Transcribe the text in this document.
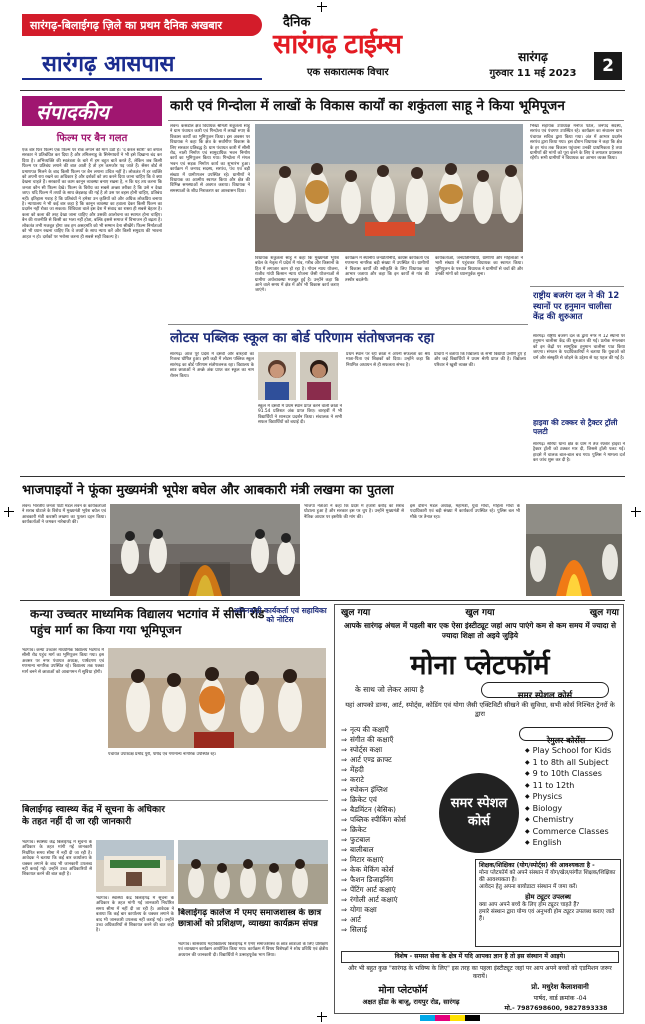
सारंगढ़-बिलाईगढ़ ज़िले का प्रथम दैनिक अखबार
सारंगढ़ आसपास
दैनिक
सारंगढ़ टाईम्स
एक सकारात्मक विचार
सारंगढ़
गुरुवार 11 मई 2023	2
संपादकीय
फिल्म पर बैन गलत
एक बार फिर फिल्में एक फिल्म पर रोक लगाने की मांग उठी है। 'द केरल स्टोरी' को बंगाल सरकार ने प्रतिबंधित कर दिया है और तमिलनाडु के सिनेमाघरों ने भी इसे दिखाना बंद कर दिया है। अभिव्यक्ति की स्वतंत्रता के बारे में हम बहुत बातें करते हैं, लेकिन जब किसी फिल्म पर प्रतिबंध लगाने की बात आती है तो हम कमजोर पड़ जाते हैं। सेंसर बोर्ड से प्रमाणपत्र मिलने के बाद किसी फिल्म पर बैन लगाना उचित नहीं है। लोकतंत्र में हर व्यक्ति को अपनी राय रखने का अधिकार है और दर्शकों को तय करने दिया जाना चाहिए कि वे क्या देखना चाहते हैं। सरकारों का काम कानून व्यवस्था बनाए रखना है, न कि यह तय करना कि जनता कौन सी फिल्म देखे। फिल्म के विरोध का सबसे अच्छा तरीका है कि उसे न देखा जाए। यदि फिल्म में तथ्यों के साथ छेड़छाड़ की गई है तो उस पर बहस होनी चाहिए, प्रतिबंध नहीं। इतिहास गवाह है कि प्रतिबंधों ने हमेशा उन कृतियों को और अधिक लोकप्रिय बनाया है। न्यायालय ने भी कई बार कहा है कि कानून व्यवस्था का हवाला देकर किसी फिल्म का प्रदर्शन नहीं रोका जा सकता। विविधता वाले इस देश में संवाद का रास्ता ही सबसे बेहतर है। कला को कला की तरह देखा जाना चाहिए और उसकी आलोचना का स्वागत होना चाहिए। बैन की राजनीति से किसी का भला नहीं होता, बल्कि इससे समाज में विभाजन ही बढ़ता है। लोकतंत्र तभी मजबूत होगा जब हम असहमति को भी सम्मान देना सीखेंगे। फिल्म निर्माताओं को भी ध्यान रखना चाहिए कि वे तथ्यों के साथ न्याय करें और किसी समुदाय की भावना आहत न हो। दर्शकों पर भरोसा करना ही सबसे सही विकल्प है।
कारी एवं गिन्दोला में लाखों के विकास कार्यों का शकुंतला साहू ने किया भूमिपूजन
लवन। कसडोल क्षेत्र विधायक श्रीमती शकुंतला साहू ने ग्राम पंचायत कारी एवं गिन्दोला में लाखों रुपए के विकास कार्यों का भूमिपूजन किया। इस अवसर पर विधायक ने कहा कि क्षेत्र के सर्वांगीण विकास के लिए सरकार प्रतिबद्ध है। ग्राम पंचायत कारी में सीसी रोड, नाली निर्माण एवं सामुदायिक भवन निर्माण कार्य का भूमिपूजन किया गया। गिन्दोला में मंगल भवन एवं सड़क निर्माण कार्य का शुभारंभ हुआ। कार्यक्रम में जनपद सदस्य, सरपंच, पंच एवं बड़ी संख्या में ग्रामीणजन उपस्थित रहे। ग्रामीणों ने विधायक का आत्मीय स्वागत किया और क्षेत्र की विभिन्न समस्याओं से अवगत कराया। विधायक ने समस्याओं के शीघ्र निराकरण का आश्वासन दिया।
विधायक शकुंतला साहू ने कहा कि मुख्यमंत्री भूपेश बघेल के नेतृत्व में प्रदेश में गांव, गरीब और किसानों के हित में लगातार काम हो रहा है। गोधन न्याय योजना, राजीव गांधी किसान न्याय योजना जैसी योजनाओं से ग्रामीण अर्थव्यवस्था मजबूत हुई है। उन्होंने कहा कि आने वाले समय में क्षेत्र में और भी विकास कार्य कराए जाएंगे।
कार्यक्रम में स्थानीय जनप्रतिनिधि, कांग्रेस कार्यकर्ता एवं गणमान्य नागरिक बड़ी संख्या में उपस्थित थे। ग्रामीणों ने विकास कार्यों की स्वीकृति के लिए विधायक का आभार जताया और कहा कि इन कार्यों से गांव की तस्वीर बदलेगी।
कार्यकर्ताओं, जनप्रतिनिधियों, ग्रामीणों और महिलाओं ने भारी संख्या में पहुंचकर विधायक का स्वागत किया। भूमिपूजन के पश्चात विधायक ने ग्रामीणों से चर्चा की और उनकी मांगों को ध्यानपूर्वक सुना।
भिखा सहायक उपाध्यक्ष मनोज पटेल, जनपद सदस्य, सरपंच एवं पंचगण उपस्थित रहे। कार्यक्रम का संचालन ग्राम पंचायत सचिव द्वारा किया गया। अंत में आभार प्रदर्शन सरपंच द्वारा किया गया। इस दौरान विधायक ने कहा कि क्षेत्र के हर गांव तक विकास पहुंचाना उनकी प्राथमिकता है तथा ग्रामीणों की मांगों को पूरा करने के लिए वे लगातार प्रयासरत रहेंगी। सभी ग्रामीणों ने विधायक का आभार व्यक्त किया।
लोटस पब्लिक स्कूल का बोर्ड परिणाम संतोषजनक रहा
सारंगढ़। आज पूरे प्रदेश में दसवीं और बारहवीं का रिजल्ट घोषित हुआ। इसी कड़ी में लोटस पब्लिक स्कूल सारंगढ़ का बोर्ड परिणाम संतोषजनक रहा। विद्यालय के छात्र छात्राओं ने अच्छे अंक प्राप्त कर स्कूल का नाम रोशन किया।
स्कूल में दसवीं में प्रथम स्थान प्राप्त करने वाली छात्रा ने 91.54 प्रतिशत अंक प्राप्त किए। बारहवीं में भी विद्यार्थियों ने शानदार प्रदर्शन किया। संचालक ने सभी सफल विद्यार्थियों को बधाई दी।
प्रथम स्थान पर रही छात्रा ने अपनी सफलता का श्रेय माता-पिता एवं शिक्षकों को दिया। उन्होंने कहा कि नियमित अध्ययन से ही सफलता संभव है।
प्राचार्य ने बताया कि विद्यालय के सभी विद्यार्थी उत्तीर्ण हुए हैं और कई विद्यार्थियों ने प्रथम श्रेणी प्राप्त की है। विद्यालय परिवार ने खुशी व्यक्त की।
राष्ट्रीय बजरंग दल ने की 12 स्थानों पर हनुमान चालीसा केंद्र की शुरुआत
सारंगढ़। राष्ट्रीय बजरंग दल के द्वारा नगर में 12 स्थानों पर हनुमान चालीसा केंद्र की शुरुआत की गई। प्रत्येक मंगलवार को इन केंद्रों पर सामूहिक हनुमान चालीसा पाठ किया जाएगा। संगठन के पदाधिकारियों ने बताया कि युवाओं को धर्म और संस्कृति से जोड़ने के उद्देश्य से यह पहल की गई है।
हाइवा की टक्कर से ट्रैक्टर ट्रॉली पलटी
सारंगढ़। सरिया थाना क्षेत्र के ग्राम में तेज रफ्तार हाइवा ने ट्रैक्टर ट्रॉली को टक्कर मार दी, जिससे ट्रॉली पलट गई। हादसे में चालक बाल-बाल बच गया। पुलिस ने मामला दर्ज कर जांच शुरू कर दी है।
भाजपाइयों ने फूंका मुख्यमंत्री भूपेश बघेल और आबकारी मंत्री लखमा का पुतला
लवन। भारतीय जनता पार्टी मंडल लवन के कार्यकर्ताओं ने शराब घोटाले के विरोध में मुख्यमंत्री भूपेश बघेल एवं आबकारी मंत्री कवासी लखमा का पुतला दहन किया। कार्यकर्ताओं ने जमकर नारेबाजी की।
भाजपा नेताओं ने कहा कि प्रदेश में हजारों करोड़ का शराब घोटाला हुआ है और सरकार इस पर चुप है। उन्होंने मुख्यमंत्री से नैतिक आधार पर इस्तीफे की मांग की।
इस दौरान मंडल अध्यक्ष, महामंत्री, युवा मोर्चा, महिला मोर्चा के पदाधिकारी एवं बड़ी संख्या में कार्यकर्ता उपस्थित रहे। पुलिस बल भी मौके पर तैनात रहा।
कन्या उच्चतर माध्यमिक विद्यालय भटगांव में सीसी रोड पहुंच मार्ग का किया गया भूमिपूजन
भटगांव। कन्या उच्चतर माध्यमिक विद्यालय भटगांव में सीसी रोड पहुंच मार्ग का भूमिपूजन किया गया। इस अवसर पर नगर पंचायत अध्यक्ष, पार्षदगण एवं गणमान्य नागरिक उपस्थित रहे। विद्यालय तक पक्का मार्ग बनने से छात्राओं को आवागमन में सुविधा होगी।
पंचायत उपाध्यक्ष प्रमोद पुरी, पार्षद एवं गणमान्य नागरिक उपस्थित रहे।
आंगनबाड़ी कार्यकर्ता एवं सहायिका को नोटिस
बिलाईगढ़ स्वास्थ्य केंद्र में सूचना के अधिकार के तहत नहीं दी जा रही जानकारी
भटगांव। स्वास्थ्य केंद्र बिलाईगढ़ में सूचना के अधिकार के तहत मांगी गई जानकारी निर्धारित समय सीमा में नहीं दी जा रही है। आवेदक ने बताया कि कई बार कार्यालय के चक्कर लगाने के बाद भी जानकारी उपलब्ध नहीं कराई गई। उन्होंने उच्च अधिकारियों से शिकायत करने की बात कही है।
भटगांव। स्वास्थ्य केंद्र बिलाईगढ़ में सूचना के अधिकार के तहत मांगी गई जानकारी निर्धारित समय सीमा में नहीं दी जा रही है। आवेदक ने बताया कि कई बार कार्यालय के चक्कर लगाने के बाद भी जानकारी उपलब्ध नहीं कराई गई। उन्होंने उच्च अधिकारियों से शिकायत करने की बात कही है।
बिलाईगढ़ कालेज में एमए समाजशास्त्र के छात्र छात्राओं को प्रशिक्षण, व्याख्या कार्यक्रम संपन्न
भटगांव। शासकीय महाविद्यालय बिलाईगढ़ में एमए समाजशास्त्र के छात्र छात्राओं के लिए प्रशिक्षण एवं व्याख्यान कार्यक्रम आयोजित किया गया। कार्यक्रम में विषय विशेषज्ञों ने शोध प्रविधि एवं क्षेत्रीय अध्ययन की जानकारी दी। विद्यार्थियों ने उत्साहपूर्वक भाग लिया।
खुल गया	खुल गया	खुल गया
आपके सारंगढ़ अंचल में पहली बार एक ऐसा इंस्टीट्यूट जहां आप पाएंगे कम से कम समय में ज्यादा से ज्यादा शिक्षा तो अइये जुड़िये
मोना प्लेटफॉर्म
के साथ जो लेकर आया है
समर स्पेशल कोर्स
यहां आपको डान्स, आर्ट, स्पोर्ट्स, कोडिंग एवं योगा जैसी एक्टिविटी सीखने की सुविधा, सभी कोर्स निश्चित ट्रेनरों के द्वारा
⇒ नृत्य की कक्षाएँ
⇒ संगीत की कक्षाएँ
⇒ स्पोर्ट्स कक्षा
⇒ आर्ट एण्ड क्राफ्ट
⇒ मेंहदी
⇒ कराटे
⇒ स्पोकन इंग्लिश
⇒ क्रिकेट एवं
⇒ बैडमिंटन (बेसिक)
⇒ पब्लिक स्पीकिंग कोर्स
⇒ क्रिकेट
⇒ फुटबाल
⇒ बालीबाल
⇒ मिटार कक्षाएं
⇒ केक मेकिंग कोर्स
⇒ फैशन डिजाइनिंग
⇒ पेंटिंग आर्ट कक्षाएं
⇒ रंगोली आर्ट कक्षाएं
⇒ योगा कक्षा
⇒ आर्ट
⇒ सिलाई
समर स्पेशल कोर्स
रेगुलर कोर्सेस
◆ Play School for Kids
◆ 1 to 8th all Subject
◆ 9 to 10th Classes
◆ 11 to 12th
◆ Physics
◆ Biology
◆ Chemistry
◆ Commerce Classes
◆ English
शिक्षक/शिक्षिका (योग/स्पोर्ट्स) की आवश्यकता है -
मोना प्लेटफॉर्म को अपने संस्थान में योग/खेल/संगीत शिक्षक/शिक्षिका की आवश्यकता है।
आवेदन हेतु अपना बायोडाटा संस्थान में जमा करें।
होम ट्यूटर उपलब्ध
क्या आप अपने बच्चे के लिए होम ट्यूटर चाहते हैं?
हमारे संस्थान द्वारा योग्य एवं अनुभवी होम ट्यूटर उपलब्ध कराए जाते हैं।
विशेष - समस्त सेवा के क्षेत्र में यदि आपका ज्ञान है तो इस संस्थान में आइये।
और भी बहुत कुछ "सारंगढ़ के भविष्य के लिए" इस तरह का पहला इंस्टीट्यूट जहां पर आप अपने बच्चों को एडमिशन जरूर करायें।
मोना प्लेटफॉर्म
अक्षत होंडा के बाजू, रायपुर रोड, सारंगढ़
प्रो. मधुरेश कैलाशवानी
पार्षद, वार्ड क्रमांक -04
मो.- 7987698600, 9827893338
